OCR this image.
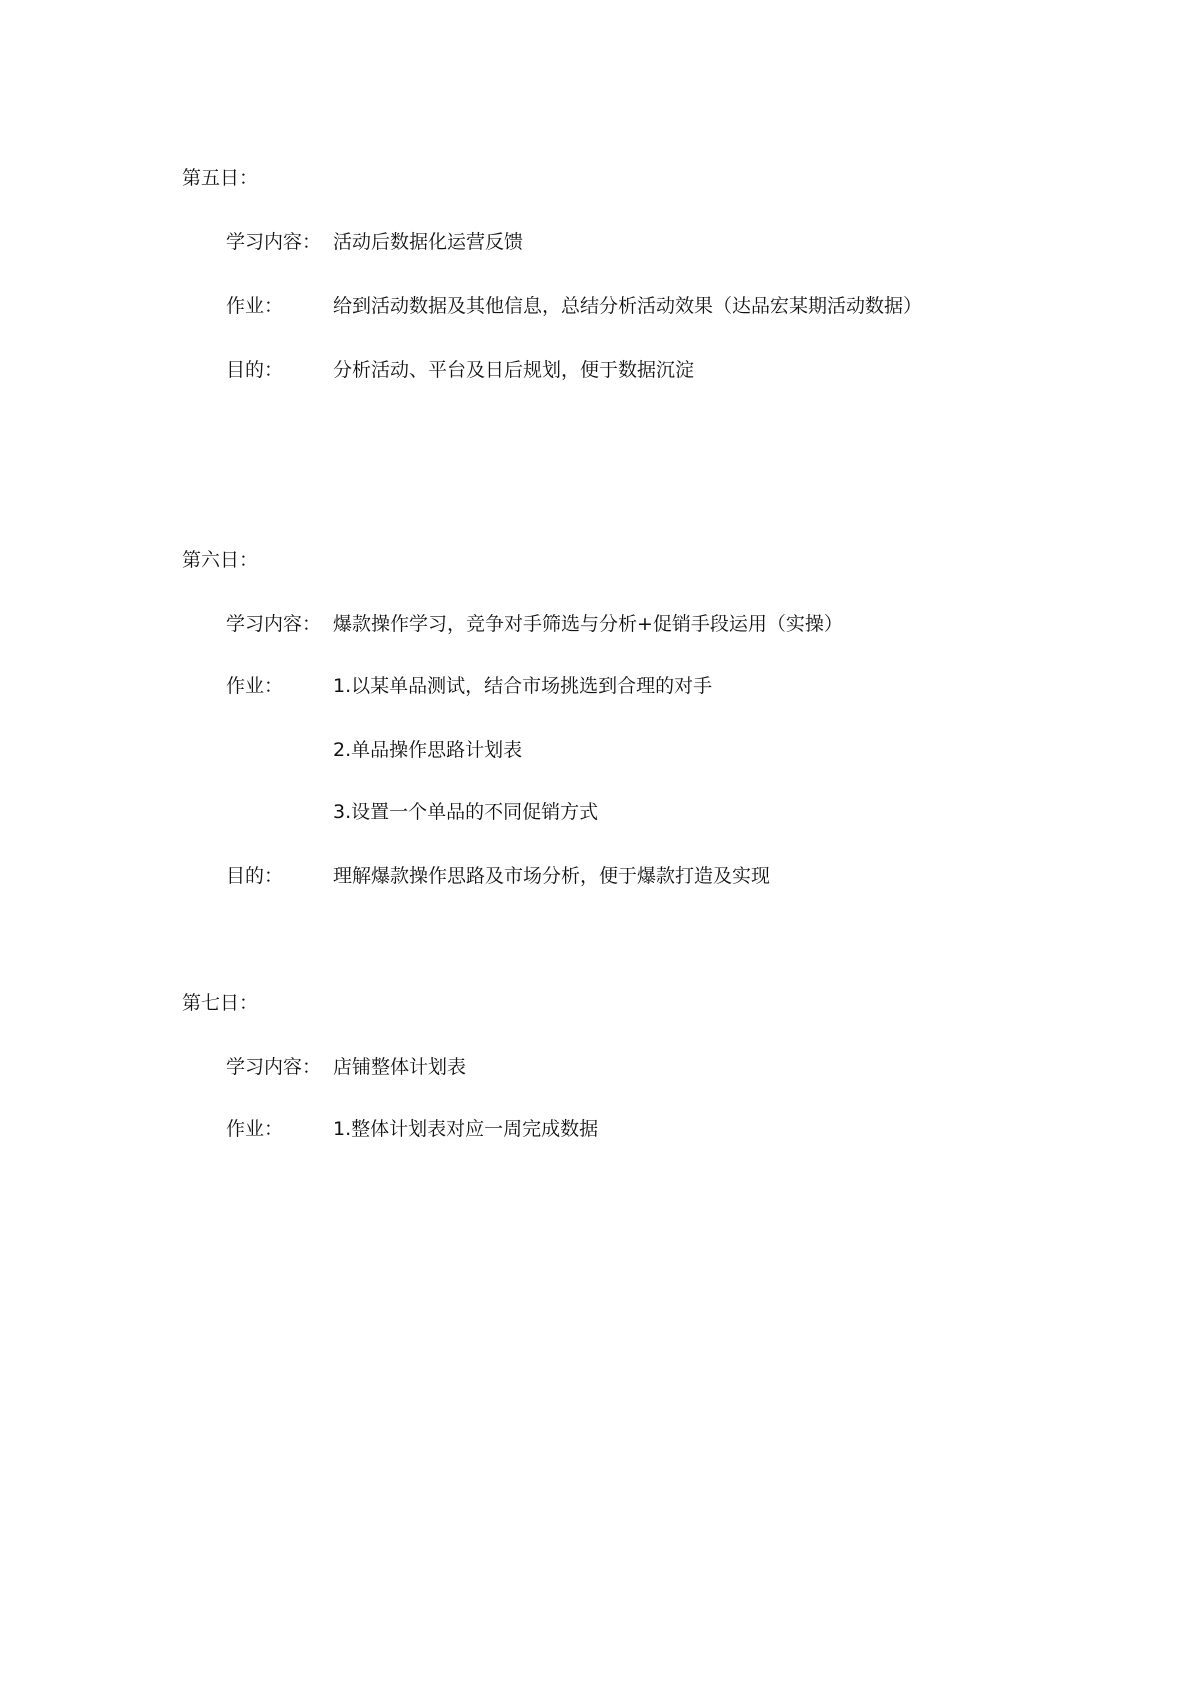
第五日：
学习内容： 活动后数据化运营反馈
作业：	给到活动数据及其他信息，总结分析活动效果（达品宏某期活动数据）
目的：	分析活动、平台及日后规划，便于数据沉淀
第六日：
学习内容： 爆款操作学习，竞争对手筛选与分析+促销手段运用（实操）
作业：	1.以某单品测试，结合市场挑选到合理的对手
2.单品操作思路计划表
3.设置一个单品的不同促销方式
目的：	理解爆款操作思路及市场分析，便于爆款打造及实现
第七日：
学习内容： 店铺整体计划表
作业：	1.整体计划表对应一周完成数据
